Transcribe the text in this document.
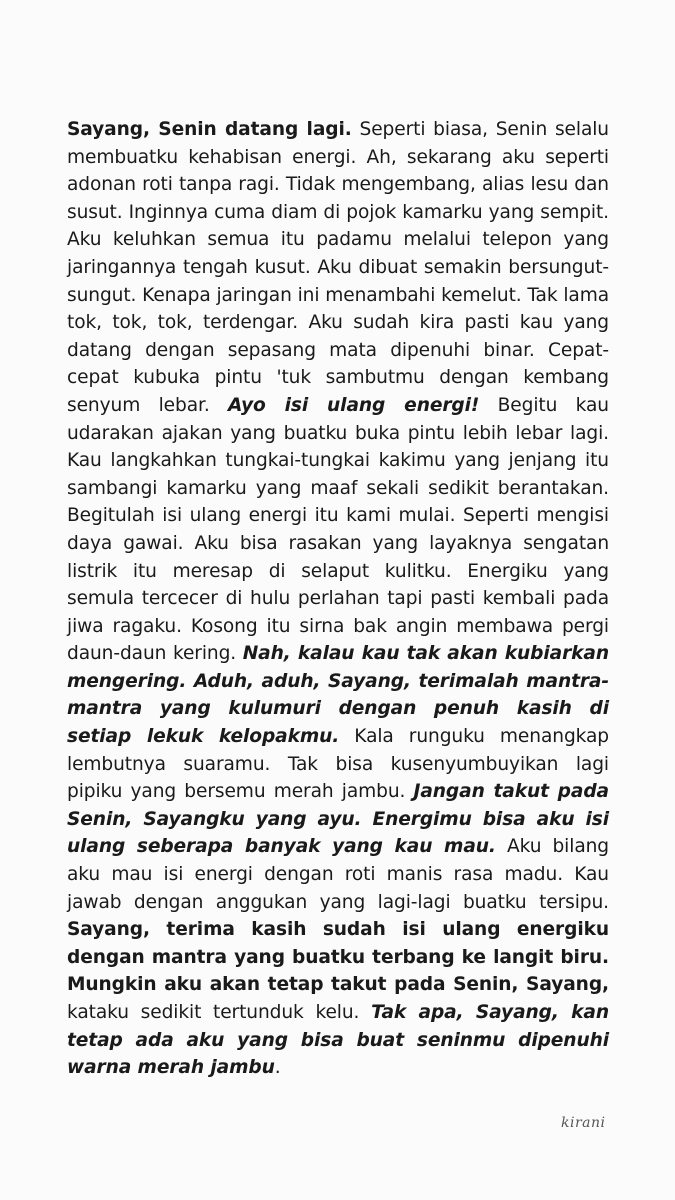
Sayang, Senin datang lagi. Seperti biasa, Senin selalu membuatku kehabisan energi. Ah, sekarang aku seperti adonan roti tanpa ragi. Tidak mengembang, alias lesu dan susut. Inginnya cuma diam di pojok kamarku yang sempit. Aku keluhkan semua itu padamu melalui telepon yang jaringannya tengah kusut. Aku dibuat semakin bersungut-sungut. Kenapa jaringan ini menambahi kemelut. Tak lama tok, tok, tok, terdengar. Aku sudah kira pasti kau yang datang dengan sepasang mata dipenuhi binar. Cepat-cepat kubuka pintu 'tuk sambutmu dengan kembang senyum lebar. Ayo isi ulang energi! Begitu kau udarakan ajakan yang buatku buka pintu lebih lebar lagi. Kau langkahkan tungkai-tungkai kakimu yang jenjang itu sambangi kamarku yang maaf sekali sedikit berantakan. Begitulah isi ulang energi itu kami mulai. Seperti mengisi daya gawai. Aku bisa rasakan yang layaknya sengatan listrik itu meresap di selaput kulitku. Energiku yang semula tercecer di hulu perlahan tapi pasti kembali pada jiwa ragaku. Kosong itu sirna bak angin membawa pergi daun-daun kering. Nah, kalau kau tak akan kubiarkan mengering. Aduh, aduh, Sayang, terimalah mantra-mantra yang kulumuri dengan penuh kasih di setiap lekuk kelopakmu. Kala runguku menangkap lembutnya suaramu. Tak bisa kusenyumbuyikan lagi pipiku yang bersemu merah jambu. Jangan takut pada Senin, Sayangku yang ayu. Energimu bisa aku isi ulang seberapa banyak yang kau mau. Aku bilang aku mau isi energi dengan roti manis rasa madu. Kau jawab dengan anggukan yang lagi-lagi buatku tersipu. Sayang, terima kasih sudah isi ulang energiku dengan mantra yang buatku terbang ke langit biru. Mungkin aku akan tetap takut pada Senin, Sayang, kataku sedikit tertunduk kelu. Tak apa, Sayang, kan tetap ada aku yang bisa buat seninmu dipenuhi warna merah jambu.

kirani
